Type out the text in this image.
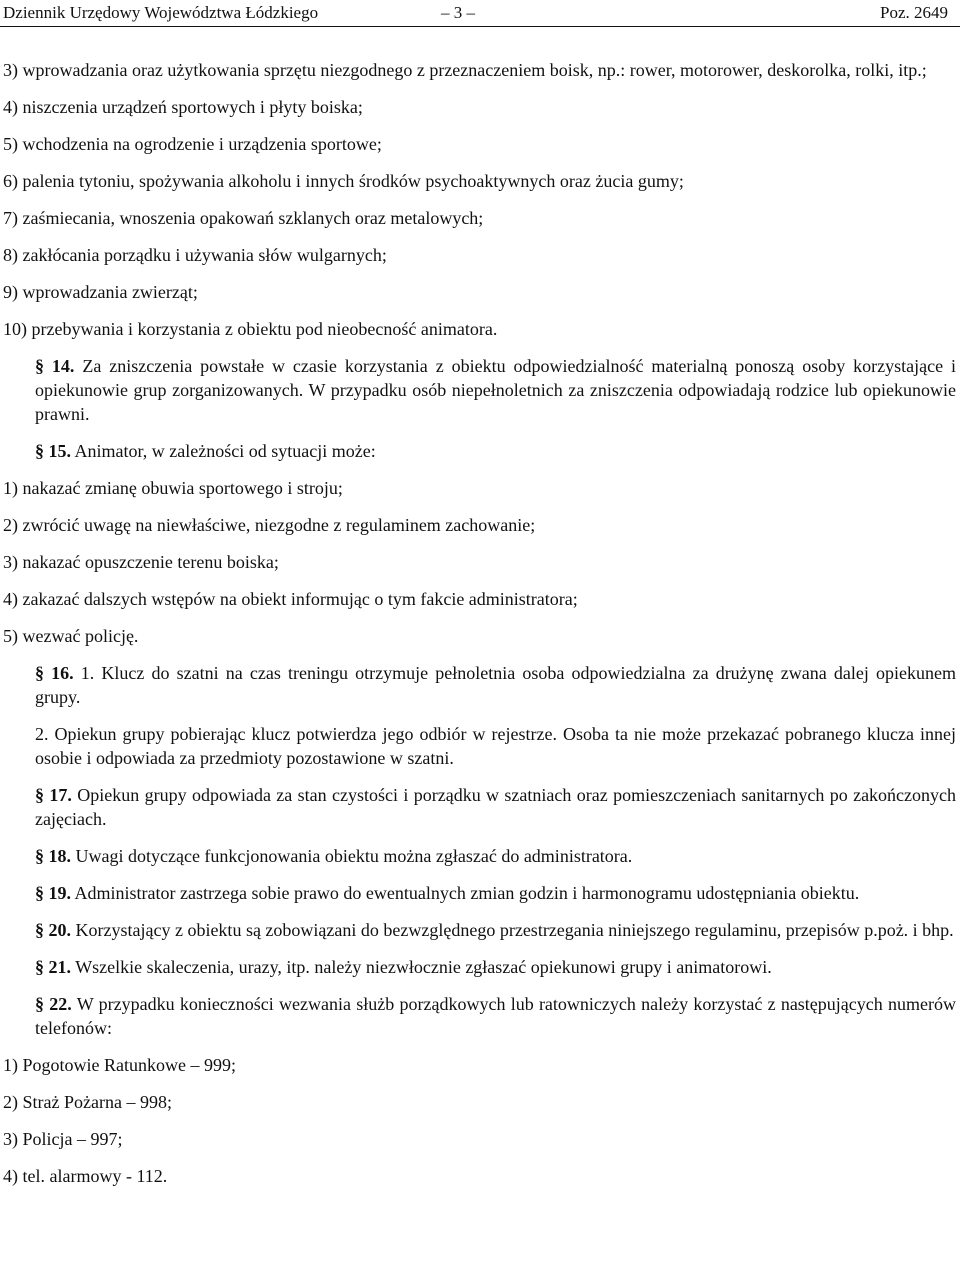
Dziennik Urzędowy Województwa Łódzkiego	– 3 –	Poz. 2649

3) wprowadzania oraz użytkowania sprzętu niezgodnego z przeznaczeniem boisk, np.: rower, motorower, deskorolka, rolki, itp.;

4) niszczenia urządzeń sportowych i płyty boiska;

5) wchodzenia na ogrodzenie i urządzenia sportowe;

6) palenia tytoniu, spożywania alkoholu i innych środków psychoaktywnych oraz żucia gumy;

7) zaśmiecania, wnoszenia opakowań szklanych oraz metalowych;

8) zakłócania porządku i używania słów wulgarnych;

9) wprowadzania zwierząt;

10) przebywania i korzystania z obiektu pod nieobecność animatora.

§ 14. Za zniszczenia powstałe w czasie korzystania z obiektu odpowiedzialność materialną ponoszą osoby korzystające i opiekunowie grup zorganizowanych. W przypadku osób niepełnoletnich za zniszczenia odpowiadają rodzice lub opiekunowie prawni.

§ 15. Animator, w zależności od sytuacji może:

1) nakazać zmianę obuwia sportowego i stroju;

2) zwrócić uwagę na niewłaściwe, niezgodne z regulaminem zachowanie;

3) nakazać opuszczenie terenu boiska;

4) zakazać dalszych wstępów na obiekt informując o tym fakcie administratora;

5) wezwać policję.

§ 16. 1. Klucz do szatni na czas treningu otrzymuje pełnoletnia osoba odpowiedzialna za drużynę zwana dalej opiekunem grupy.

2. Opiekun grupy pobierając klucz potwierdza jego odbiór w rejestrze. Osoba ta nie może przekazać pobranego klucza innej osobie i odpowiada za przedmioty pozostawione w szatni.

§ 17. Opiekun grupy odpowiada za stan czystości i porządku w szatniach oraz pomieszczeniach sanitarnych po zakończonych zajęciach.

§ 18. Uwagi dotyczące funkcjonowania obiektu można zgłaszać do administratora.

§ 19. Administrator zastrzega sobie prawo do ewentualnych zmian godzin i harmonogramu udostępniania obiektu.

§ 20. Korzystający z obiektu są zobowiązani do bezwzględnego przestrzegania niniejszego regulaminu, przepisów p.poż. i bhp.

§ 21. Wszelkie skaleczenia, urazy, itp. należy niezwłocznie zgłaszać opiekunowi grupy i animatorowi.

§ 22. W przypadku konieczności wezwania służb porządkowych lub ratowniczych należy korzystać z następujących numerów telefonów:

1) Pogotowie Ratunkowe – 999;

2) Straż Pożarna – 998;

3) Policja – 997;

4) tel. alarmowy - 112.
